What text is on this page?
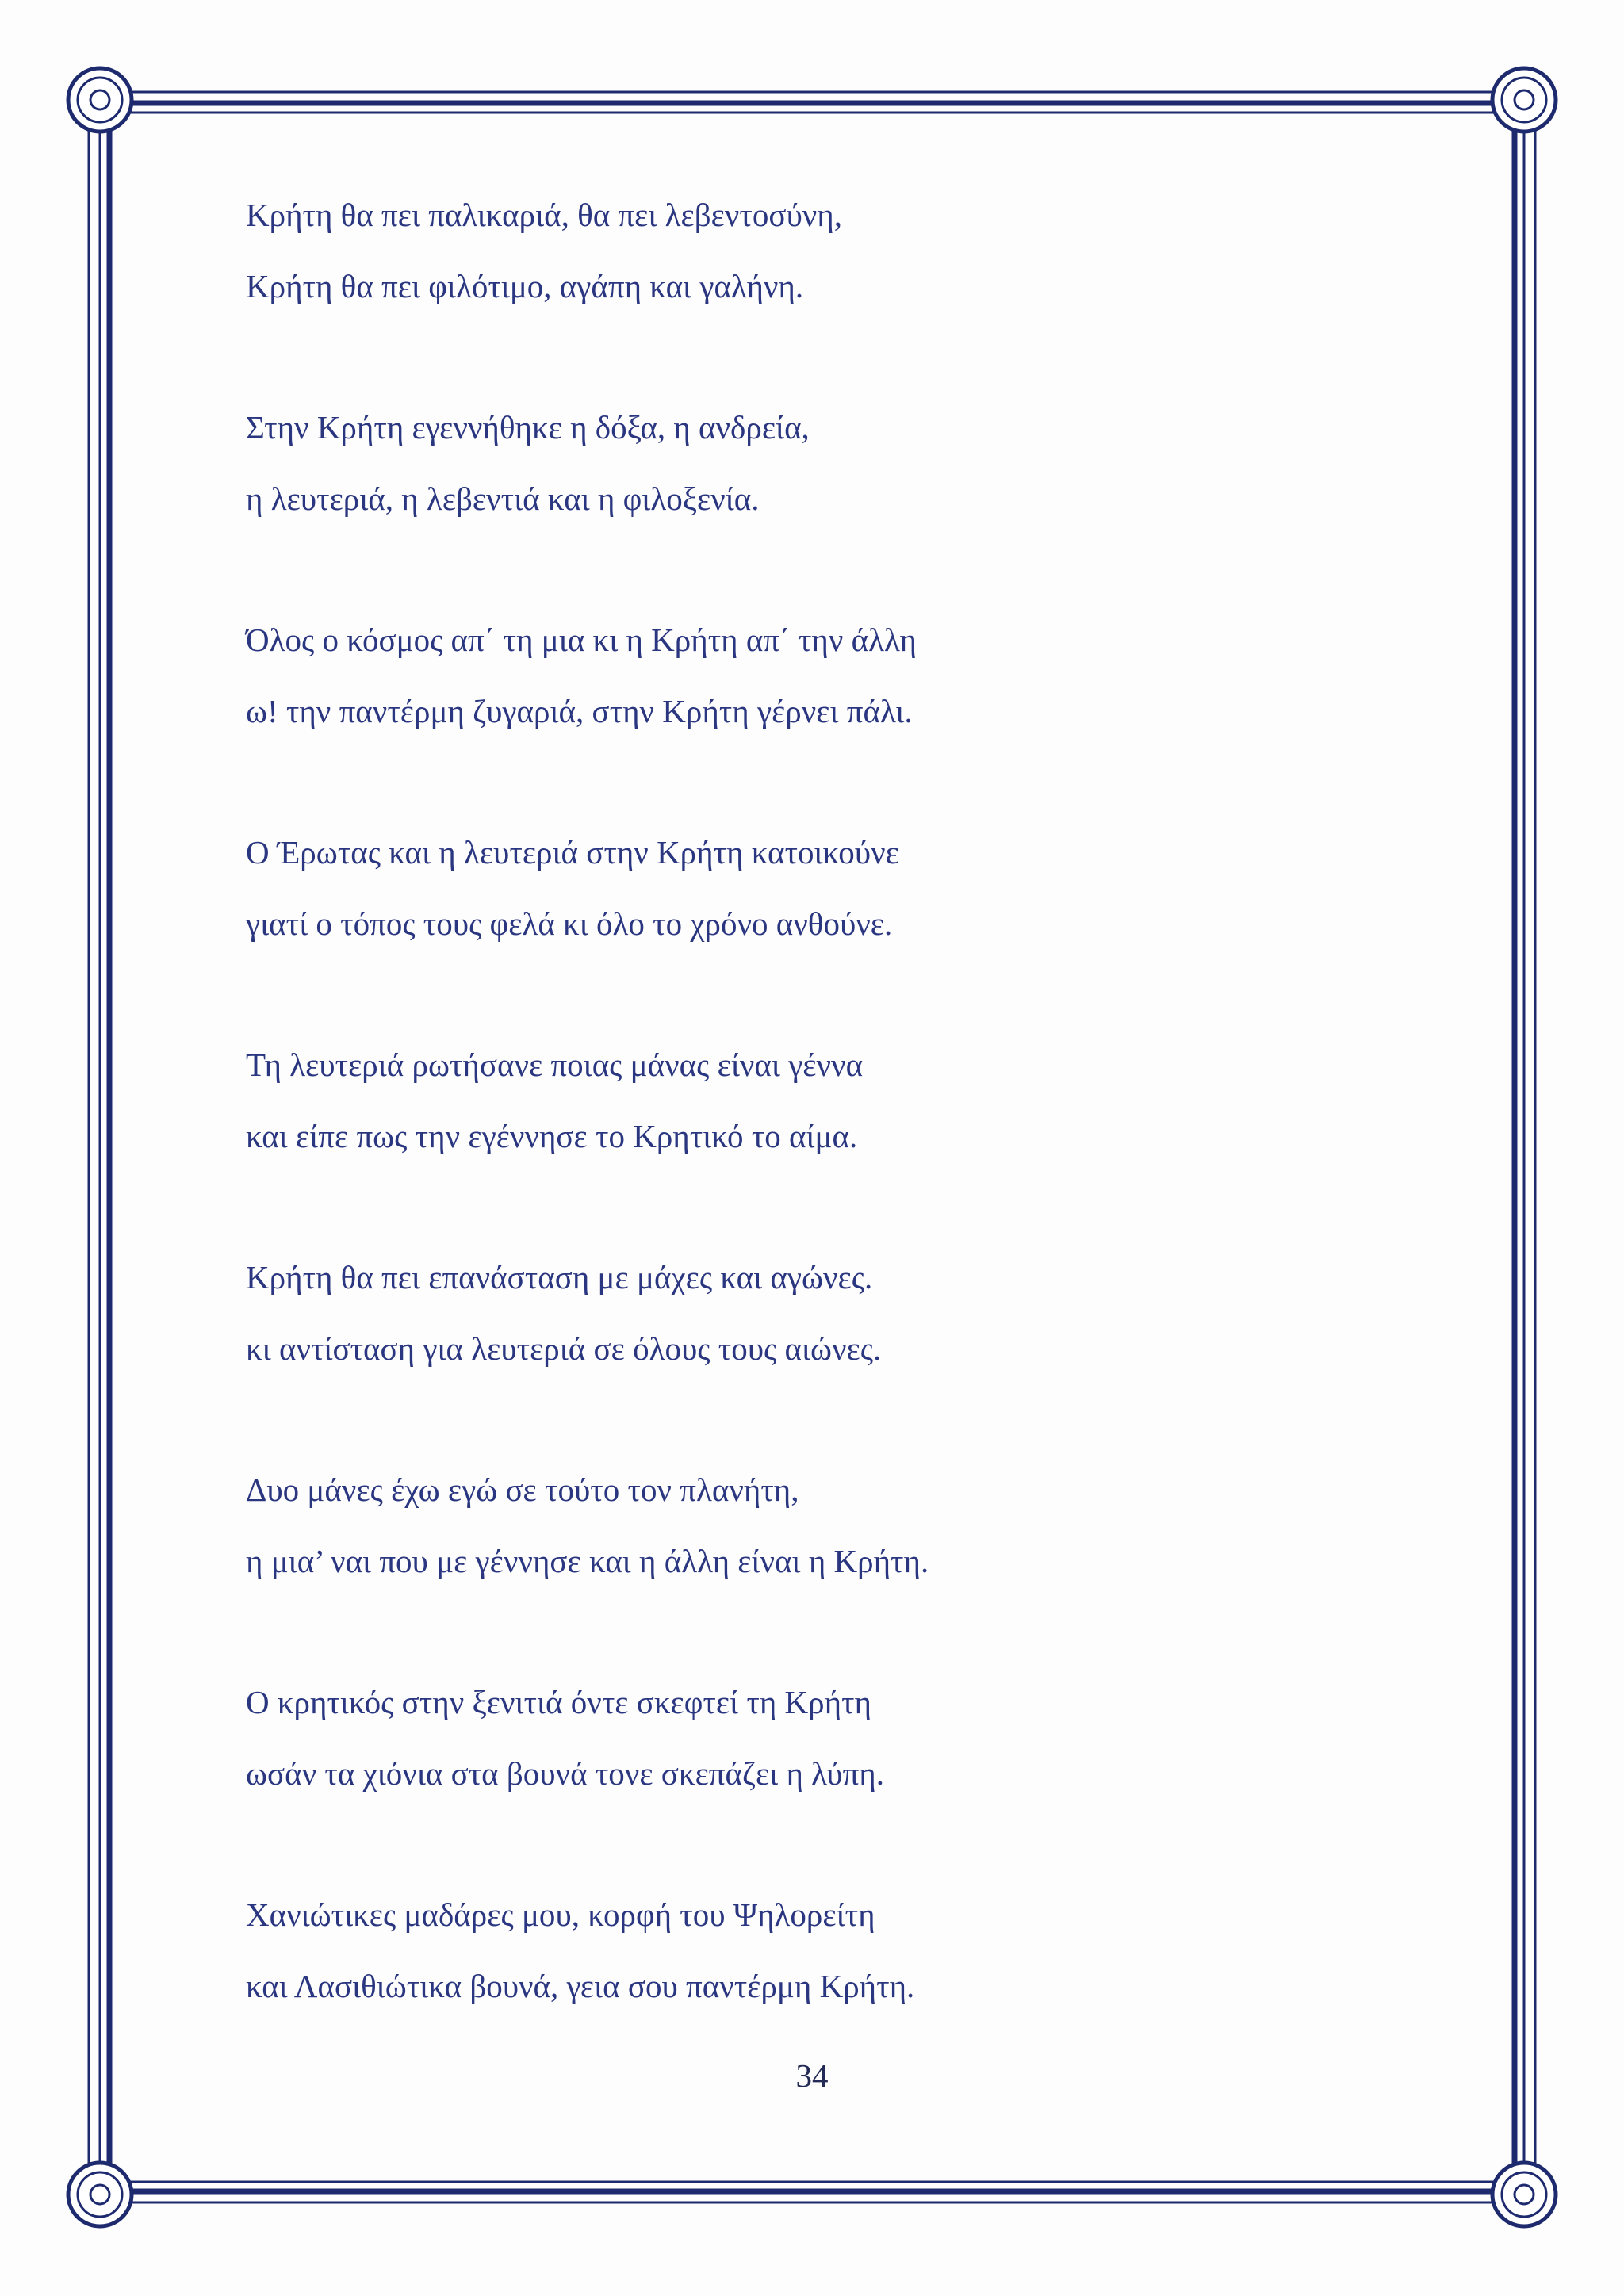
Κρήτη θα πει παλικαριά, θα πει λεβεντοσύνη,
Κρήτη θα πει φιλότιμο, αγάπη και γαλήνη.
Στην Κρήτη εγεννήθηκε η δόξα, η ανδρεία,
η λευτεριά, η λεβεντιά και η φιλοξενία.
Όλος ο κόσμος απ΄ τη μια κι η Κρήτη απ΄ την άλλη
ω! την παντέρμη ζυγαριά, στην Κρήτη γέρνει πάλι.
Ο Έρωτας και η λευτεριά στην Κρήτη κατοικούνε
γιατί ο τόπος τους φελά κι όλο το χρόνο ανθούνε.
Τη λευτεριά ρωτήσανε ποιας μάνας είναι γέννα
και είπε πως την εγέννησε το Κρητικό το αίμα.
Κρήτη θα πει επανάσταση με μάχες και αγώνες.
κι αντίσταση για λευτεριά σε όλους τους αιώνες.
Δυο μάνες έχω εγώ σε τούτο τον πλανήτη,
η μια’ ναι που με γέννησε και η άλλη είναι η Κρήτη.
Ο κρητικός στην ξενιτιά όντε σκεφτεί τη Κρήτη
ωσάν τα χιόνια στα βουνά τονε σκεπάζει η λύπη.
Χανιώτικες μαδάρες μου, κορφή του Ψηλορείτη
και Λασιθιώτικα βουνά, γεια σου παντέρμη Κρήτη.
34
